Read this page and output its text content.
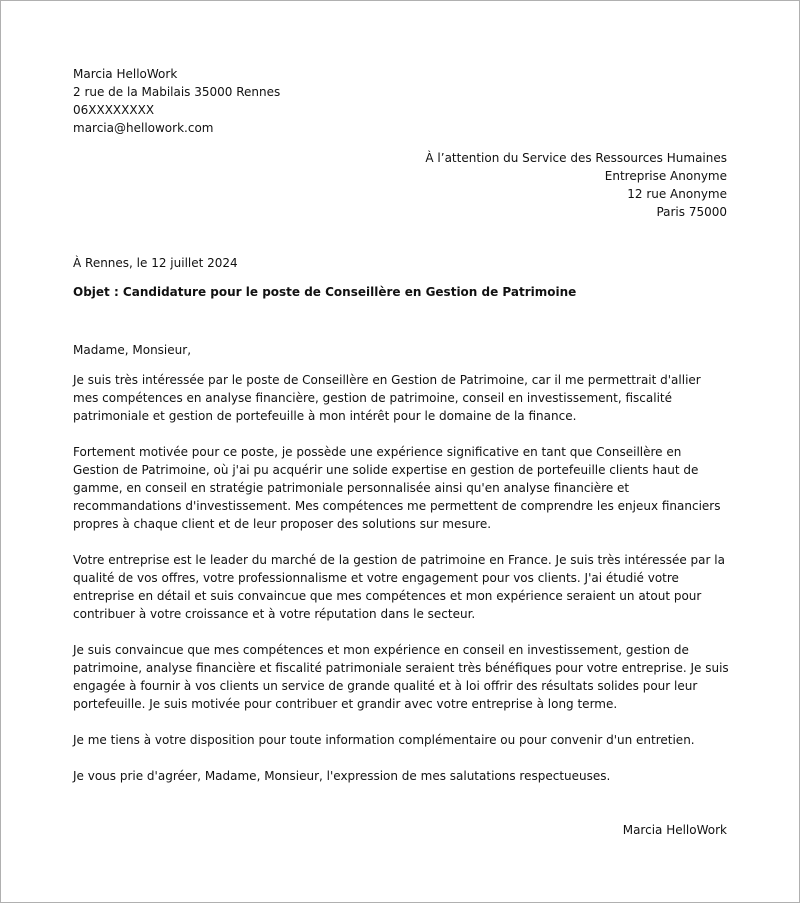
Marcia HelloWork
2 rue de la Mabilais 35000 Rennes
06XXXXXXXX
marcia@hellowork.com
À l’attention du Service des Ressources Humaines
Entreprise Anonyme
12 rue Anonyme
Paris 75000
À Rennes, le 12 juillet 2024
Objet : Candidature pour le poste de Conseillère en Gestion de Patrimoine
Madame, Monsieur,

Je suis très intéressée par le poste de Conseillère en Gestion de Patrimoine, car il me permettrait d'allier mes compétences en analyse financière, gestion de patrimoine, conseil en investissement, fiscalité patrimoniale et gestion de portefeuille à mon intérêt pour le domaine de la finance.

Fortement motivée pour ce poste, je possède une expérience significative en tant que Conseillère en Gestion de Patrimoine, où j'ai pu acquérir une solide expertise en gestion de portefeuille clients haut de gamme, en conseil en stratégie patrimoniale personnalisée ainsi qu'en analyse financière et recommandations d'investissement. Mes compétences me permettent de comprendre les enjeux financiers propres à chaque client et de leur proposer des solutions sur mesure.

Votre entreprise est le leader du marché de la gestion de patrimoine en France. Je suis très intéressée par la qualité de vos offres, votre professionnalisme et votre engagement pour vos clients. J'ai étudié votre entreprise en détail et suis convaincue que mes compétences et mon expérience seraient un atout pour contribuer à votre croissance et à votre réputation dans le secteur.

Je suis convaincue que mes compétences et mon expérience en conseil en investissement, gestion de patrimoine, analyse financière et fiscalité patrimoniale seraient très bénéfiques pour votre entreprise. Je suis engagée à fournir à vos clients un service de grande qualité et à loi offrir des résultats solides pour leur portefeuille. Je suis motivée pour contribuer et grandir avec votre entreprise à long terme.

Je me tiens à votre disposition pour toute information complémentaire ou pour convenir d'un entretien.

Je vous prie d'agréer, Madame, Monsieur, l'expression de mes salutations respectueuses.

Marcia HelloWork
